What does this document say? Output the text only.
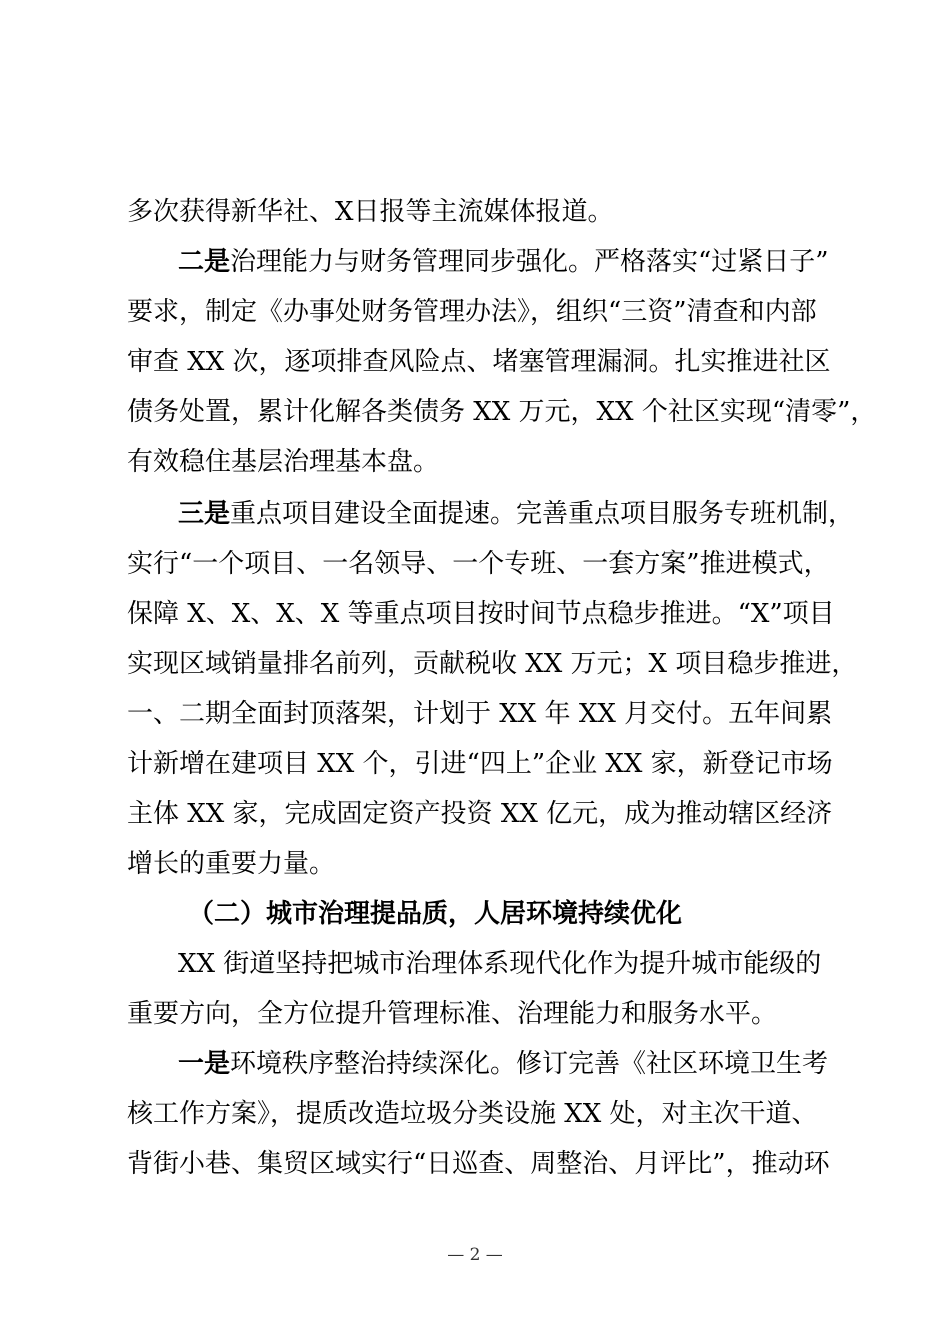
多次获得新华社、X日报等主流媒体报道。
二是治理能力与财务管理同步强化。严格落实“过紧日子”
要求，制定《办事处财务管理办法》，组织“三资”清查和内部
审查 XX 次，逐项排查风险点、堵塞管理漏洞。扎实推进社区
债务处置，累计化解各类债务 XX 万元，XX 个社区实现“清零”，
有效稳住基层治理基本盘。
三是重点项目建设全面提速。完善重点项目服务专班机制，
实行“一个项目、一名领导、一个专班、一套方案”推进模式，
保障 X、X、X、X 等重点项目按时间节点稳步推进。“X”项目
实现区域销量排名前列，贡献税收 XX 万元；X 项目稳步推进，
一、二期全面封顶落架，计划于 XX 年 XX 月交付。五年间累
计新增在建项目 XX 个，引进“四上”企业 XX 家，新登记市场
主体 XX 家，完成固定资产投资 XX 亿元，成为推动辖区经济
增长的重要力量。
（二）城市治理提品质，人居环境持续优化
XX 街道坚持把城市治理体系现代化作为提升城市能级的
重要方向，全方位提升管理标准、治理能力和服务水平。
一是环境秩序整治持续深化。修订完善《社区环境卫生考
核工作方案》，提质改造垃圾分类设施 XX 处，对主次干道、
背街小巷、集贸区域实行“日巡查、周整治、月评比”，推动环
— 2 —
